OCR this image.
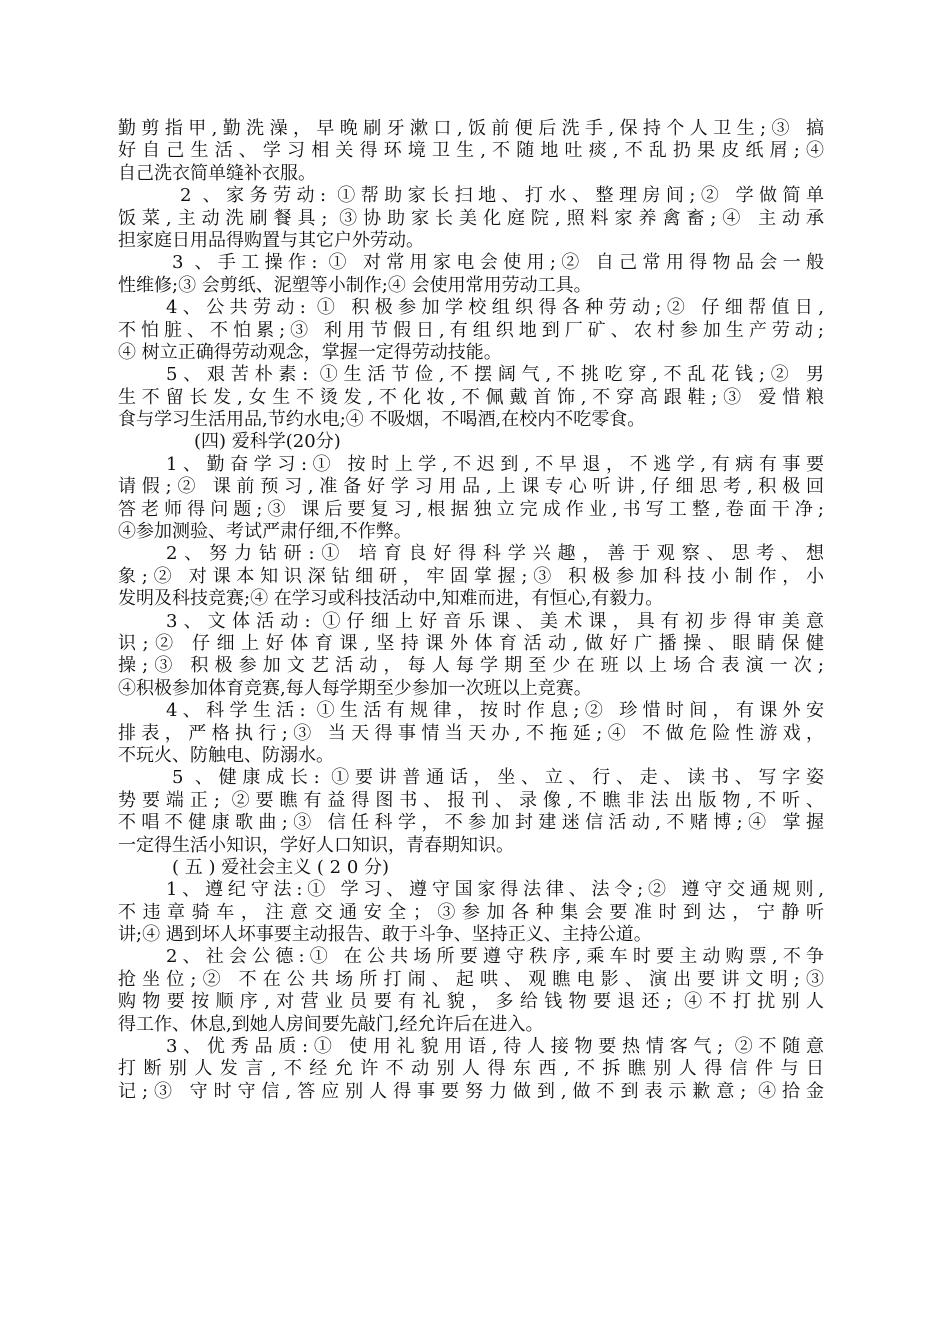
勤剪指甲,勤洗澡，早晚刷牙漱口,饭前便后洗手,保持个人卫生;③ 搞
好自己生活、学习相关得环境卫生,不随地吐痰,不乱扔果皮纸屑;④
自己洗衣简单缝补衣服。
2 、家务劳动: ①帮助家长扫地、打水、整理房间;② 学做简单
饭菜,主动洗刷餐具; ③协助家长美化庭院,照料家养禽畜;④ 主动承
担家庭日用品得购置与其它户外劳动。
3 、手工操作: ① 对常用家电会使用;② 自己常用得物品会一般
性维修;③ 会剪纸、泥塑等小制作;④ 会使用常用劳动工具。
4、公共劳动: ① 积极参加学校组织得各种劳动;② 仔细帮值日,
不怕脏、不怕累;③ 利用节假日,有组织地到厂矿、农村参加生产劳动;
④ 树立正确得劳动观念，掌握一定得劳动技能。
5、艰苦朴素: ①生活节俭,不摆阔气,不挑吃穿,不乱花钱;② 男
生不留长发,女生不烫发,不化妆,不佩戴首饰,不穿高跟鞋;③ 爱惜粮
食与学习生活用品,节约水电;④ 不吸烟，不喝酒,在校内不吃零食。
(四) 爱科学(20分)
1、勤奋学习:① 按时上学,不迟到,不早退，不逃学,有病有事要
请假;② 课前预习,准备好学习用品,上课专心听讲,仔细思考,积极回
答老师得问题;③ 课后要复习,根据独立完成作业,书写工整,卷面干净;
④参加测验、考试严肃仔细,不作弊。
2、努力钻研:① 培育良好得科学兴趣，善于观察、思考、想
象;② 对课本知识深钻细研，牢固掌握;③ 积极参加科技小制作，小
发明及科技竞赛;④ 在学习或科技活动中,知难而进，有恒心,有毅力。
3、文体活动: ①仔细上好音乐课、美术课，具有初步得审美意
识;② 仔细上好体育课,坚持课外体育活动,做好广播操、眼睛保健
操;③ 积极参加文艺活动，每人每学期至少在班以上场合表演一次;
④积极参加体育竞赛,每人每学期至少参加一次班以上竞赛。
4、科学生活: ①生活有规律，按时作息;② 珍惜时间，有课外安
排表，严格执行;③ 当天得事情当天办,不拖延;④ 不做危险性游戏，
不玩火、防触电、防溺水。
5 、健康成长: ①要讲普通话，坐、立、行、走、读书、写字姿
势要端正; ②要瞧有益得图书、报刊、录像,不瞧非法出版物,不听、
不唱不健康歌曲;③ 信任科学，不参加封建迷信活动,不赌博;④ 掌握
一定得生活小知识，学好人口知识，青春期知识。
( 五 ) 爱社会主义 ( 2 0 分)
1、遵纪守法:① 学习、遵守国家得法律、法令;② 遵守交通规则,
不违章骑车，注意交通安全；③参加各种集会要准时到达，宁静听
讲;④ 遇到坏人坏事要主动报告、敢于斗争、坚持正义、主持公道。
2、社会公德:① 在公共场所要遵守秩序,乘车时要主动购票,不争
抢坐位;② 不在公共场所打闹、起哄、观瞧电影、演出要讲文明;③
购物要按顺序,对营业员要有礼貌，多给钱物要退还; ④不打扰别人
得工作、休息,到她人房间要先敲门,经允许后在进入。
3、优秀品质:① 使用礼貌用语,待人接物要热情客气; ②不随意
打断别人发言,不经允许不动别人得东西,不拆瞧别人得信件与日
记;③ 守时守信,答应别人得事要努力做到,做不到表示歉意; ④拾金
